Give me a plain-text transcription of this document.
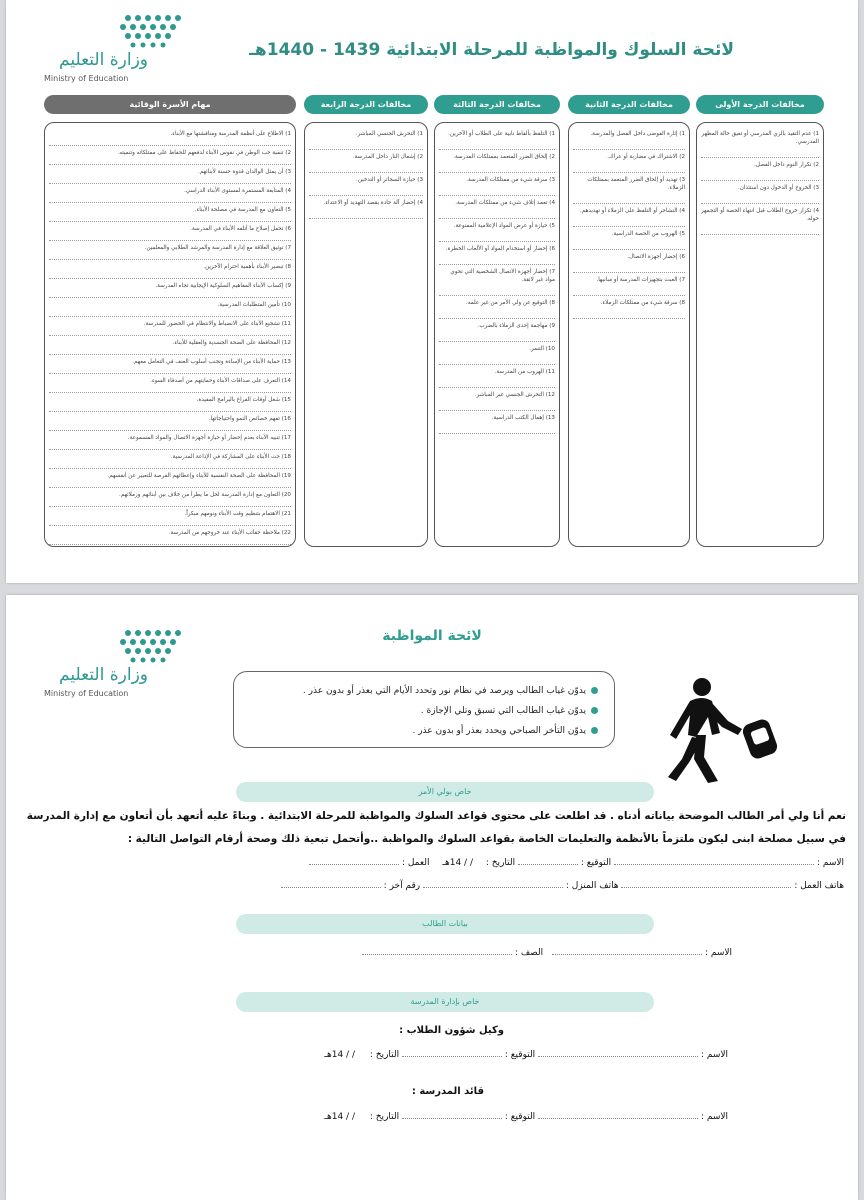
وزارة التعليم
Ministry of Education
لائحة السلوك والمواظبة للمرحلة الابتدائية 1439 - 1440هـ
مخالفات الدرجة الأولى
مخالفات الدرجة الثانية
مخالفات الدرجة الثالثة
مخالفات الدرجة الرابعة
مهام الأسرة الوقائية
1) عدم التقيد بالزي المدرسي أو تعيق حالة المظهر المدرسي.
2) تكرار النوم داخل الفصل.
3) الخروج أو الدخول دون استئذان.
4) تكرار خروج الطلاب قبل انتهاء الحصة أو التجمهر حوله.
1) إثارة الفوضى داخل الفصل والمدرسة.
2) الاشتراك في مضاربة أو عراك.
3) تهديد أو إلحاق الضرر المتعمد بممتلكات الزملاء.
4) التشاجر أو التلفظ على الزملاء أو تهديدهم.
5) الهروب من الحصة الدراسية.
6) إحضار أجهزة الاتصال.
7) العبث بتجهيزات المدرسة أو مبانيها.
8) سرقة شيء من ممتلكات الزملاء.
1) التلفظ بألفاظ نابية على الطلاب أو الآخرين.
2) إلحاق الضرر المتعمد بممتلكات المدرسة.
3) سرقة شيء من ممتلكات المدرسة.
4) تعمد إتلاف شيء من ممتلكات المدرسة.
5) حيازة أو عرض المواد الإعلامية الممنوعة.
6) إحضار أو استخدام المواد أو الألعاب الخطرة.
7) إحضار أجهزة الاتصال الشخصية التي تحوي مواد غير لائقة.
8) التوقيع عن ولي الأمر من غير علمه.
9) مهاجمة إحدى الزملاء بالضرب.
10) التنمر.
11) الهروب من المدرسة.
12) التحرش الجنسي غير المباشر.
13) إهمال الكتب الدراسية.
1) التحرش الجنسي المباشر.
2) إشعال النار داخل المدرسة.
3) حيازة السجائر أو التدخين.
4) إحضار آلة حادة بقصد التهديد أو الاعتداء.
1) الاطلاع على أنظمة المدرسة ومناقشتها مع الأبناء.
2) تنمية حب الوطن في نفوس الأبناء لدفعهم للحفاظ على ممتلكاته وتنميته.
3) أن يمثل الوالدان قدوة حسنة لأبنائهم.
4) المتابعة المستمرة لمستوى الأبناء الدراسي.
5) التعاون مع المدرسة في مصلحة الأبناء.
6) تحمل إصلاح ما أتلفه الأبناء في المدرسة.
7) توثيق العلاقة مع إدارة المدرسة والمرشد الطلابي والمعلمين.
8) تبصير الأبناء بأهمية احترام الآخرين.
9) إكساب الأبناء المفاهيم السلوكية الإيجابية تجاه المدرسة.
10) تأمين المتطلبات المدرسية.
11) تشجيع الأبناء على الانضباط والانتظام في الحضور للمدرسة.
12) المحافظة على الصحة الجسدية والعقلية للأبناء.
13) حماية الأبناء من الإساءة وتجنب أسلوب العنف في التعامل معهم.
14) التعرف على صداقات الأبناء وحمايتهم من أصدقاء السوء.
15) شغل أوقات الفراغ بالبرامج المفيدة.
16) تفهم خصائص النمو واحتياجاتها.
17) تنبيه الأبناء بعدم إحضار أو حيازة أجهزة الاتصال والمواد المسموعة.
18) حث الأبناء على المشاركة في الإذاعة المدرسية.
19) المحافظة على الصحة النفسية للأبناء وإعطائهم الفرصة للتعبير عن أنفسهم.
20) التعاون مع إدارة المدرسة لحل ما يطرأ من خلاف بين أبنائهم وزملائهم.
21) الاهتمام بتنظيم وقت الأبناء ونومهم مبكراً.
22) ملاحظة حقائب الأبناء عند خروجهم من المدرسة.
وزارة التعليم
Ministry of Education
لائحة المواظبة
يدوّن غياب الطالب ويرصد في نظام نور وتحدد الأيام التي بعذر أو بدون عذر .
يدوّن غياب الطالب التي تسبق وتلي الإجازة .
يدوّن التأخر الصباحي ويحدد بعذر أو بدون عذر .
خاص بولي الأمر
نعم أنا ولي أمر الطالب الموضحة بياناته أدناه . قد اطلعت على محتوى قواعد السلوك والمواظبة للمرحلة الابتدائية . وبناءً عليه أتعهد بأن أتعاون مع إدارة المدرسة
في سبيل مصلحة ابنى ليكون ملتزماً بالأنظمة والتعليمات الخاصة بقواعد السلوك والمواظبة ..وأتحمل تبعية ذلك وصحة أرقام التواصل التالية :
الاسم :  التوقيع :  التاريخ : / / 14هـ العمل :
هاتف العمل :  هاتف المنزل :  رقم آخر :
بيانات الطالب
الاسم :  الصف :
خاص بإدارة المدرسة
وكيل شؤون الطلاب :
الاسم :  التوقيع :  التاريخ : / / 14هـ
قائد المدرسة :
الاسم :  التوقيع :  التاريخ : / / 14هـ
